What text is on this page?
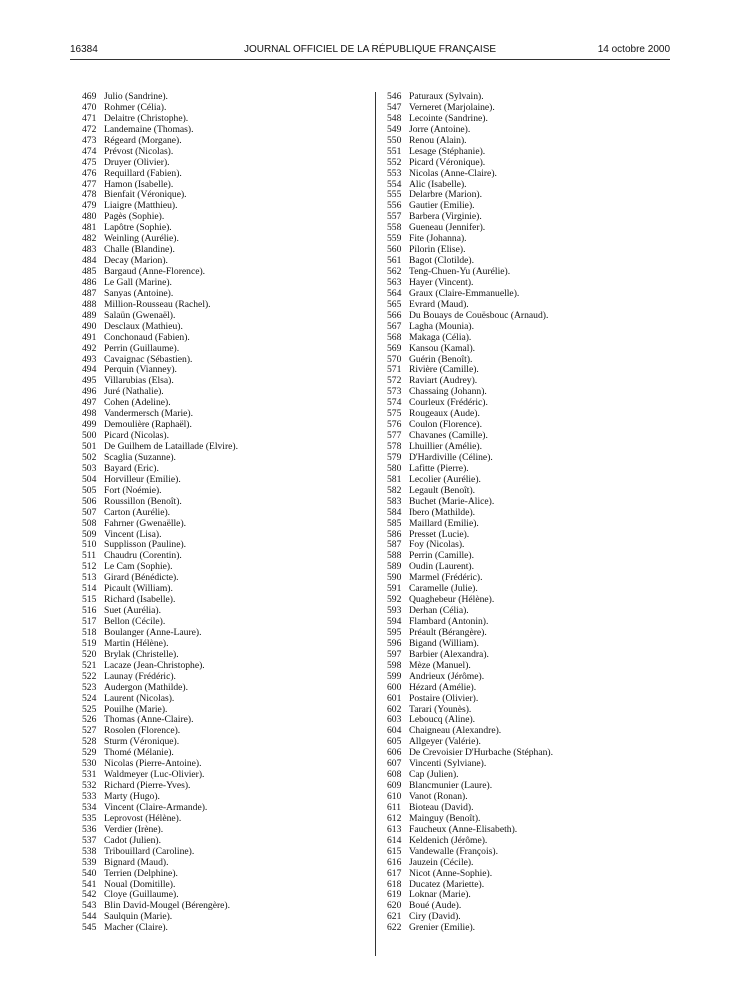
16384	JOURNAL OFFICIEL DE LA RÉPUBLIQUE FRANÇAISE	14 octobre 2000
469 Julio (Sandrine).
470 Rohmer (Célia).
471 Delaitre (Christophe).
472 Landemaine (Thomas).
473 Régeard (Morgane).
474 Prévost (Nicolas).
475 Druyer (Olivier).
476 Requillard (Fabien).
477 Hamon (Isabelle).
478 Bienfait (Véronique).
479 Liaigre (Matthieu).
480 Pagès (Sophie).
481 Lapôtre (Sophie).
482 Weinling (Aurélie).
483 Challe (Blandine).
484 Decay (Marion).
485 Bargaud (Anne-Florence).
486 Le Gall (Marine).
487 Sanyas (Antoine).
488 Million-Rousseau (Rachel).
489 Salaün (Gwenaël).
490 Desclaux (Mathieu).
491 Conchonaud (Fabien).
492 Perrin (Guillaume).
493 Cavaignac (Sébastien).
494 Perquin (Vianney).
495 Villarubias (Elsa).
496 Juré (Nathalie).
497 Cohen (Adeline).
498 Vandermersch (Marie).
499 Demoulière (Raphaël).
500 Picard (Nicolas).
501 De Guilhem de Lataillade (Elvire).
502 Scaglia (Suzanne).
503 Bayard (Eric).
504 Horvilleur (Emilie).
505 Fort (Noémie).
506 Roussillon (Benoît).
507 Carton (Aurélie).
508 Fahrner (Gwenaëlle).
509 Vincent (Lisa).
510 Supplisson (Pauline).
511 Chaudru (Corentin).
512 Le Cam (Sophie).
513 Girard (Bénédicte).
514 Picault (William).
515 Richard (Isabelle).
516 Suet (Aurélia).
517 Bellon (Cécile).
518 Boulanger (Anne-Laure).
519 Martin (Hélène).
520 Brylak (Christelle).
521 Lacaze (Jean-Christophe).
522 Launay (Frédéric).
523 Audergon (Mathilde).
524 Laurent (Nicolas).
525 Pouilhe (Marie).
526 Thomas (Anne-Claire).
527 Rosolen (Florence).
528 Sturm (Véronique).
529 Thomé (Mélanie).
530 Nicolas (Pierre-Antoine).
531 Waldmeyer (Luc-Olivier).
532 Richard (Pierre-Yves).
533 Marty (Hugo).
534 Vincent (Claire-Armande).
535 Leprovost (Hélène).
536 Verdier (Irène).
537 Cadot (Julien).
538 Tribouillard (Caroline).
539 Bignard (Maud).
540 Terrien (Delphine).
541 Noual (Domitille).
542 Cloye (Guillaume).
543 Blin David-Mougel (Bérengère).
544 Saulquin (Marie).
545 Macher (Claire).
546 Paturaux (Sylvain).
547 Verneret (Marjolaine).
548 Lecointe (Sandrine).
549 Jorre (Antoine).
550 Renou (Alain).
551 Lesage (Stéphanie).
552 Picard (Véronique).
553 Nicolas (Anne-Claire).
554 Alic (Isabelle).
555 Delarbre (Marion).
556 Gautier (Emilie).
557 Barbera (Virginie).
558 Gueneau (Jennifer).
559 Fite (Johanna).
560 Pilorin (Elise).
561 Bagot (Clotilde).
562 Teng-Chuen-Yu (Aurélie).
563 Hayer (Vincent).
564 Graux (Claire-Emmanuelle).
565 Evrard (Maud).
566 Du Bouays de Couësbouc (Arnaud).
567 Lagha (Mounia).
568 Makaga (Célia).
569 Kansou (Kamal).
570 Guérin (Benoît).
571 Rivière (Camille).
572 Raviart (Audrey).
573 Chassaing (Johann).
574 Courleux (Frédéric).
575 Rougeaux (Aude).
576 Coulon (Florence).
577 Chavanes (Camille).
578 Lhuillier (Amélie).
579 D'Hardiville (Céline).
580 Lafitte (Pierre).
581 Lecolier (Aurélie).
582 Legault (Benoît).
583 Buchet (Marie-Alice).
584 Ibero (Mathilde).
585 Maillard (Emilie).
586 Presset (Lucie).
587 Foy (Nicolas).
588 Perrin (Camille).
589 Oudin (Laurent).
590 Marmel (Frédéric).
591 Caramelle (Julie).
592 Quaghebeur (Hélène).
593 Derhan (Célia).
594 Flambard (Antonin).
595 Préault (Bérangère).
596 Bigand (William).
597 Barbier (Alexandra).
598 Mèze (Manuel).
599 Andrieux (Jérôme).
600 Hézard (Amélie).
601 Postaire (Olivier).
602 Tarari (Younès).
603 Leboucq (Aline).
604 Chaigneau (Alexandre).
605 Allgeyer (Valérie).
606 De Crevoisier D'Hurbache (Stéphan).
607 Vincenti (Sylviane).
608 Cap (Julien).
609 Blancmunier (Laure).
610 Vanot (Ronan).
611 Bioteau (David).
612 Mainguy (Benoît).
613 Faucheux (Anne-Elisabeth).
614 Keldenich (Jérôme).
615 Vandewalle (François).
616 Jauzein (Cécile).
617 Nicot (Anne-Sophie).
618 Ducatez (Mariette).
619 Loknar (Marie).
620 Boué (Aude).
621 Ciry (David).
622 Grenier (Emilie).
